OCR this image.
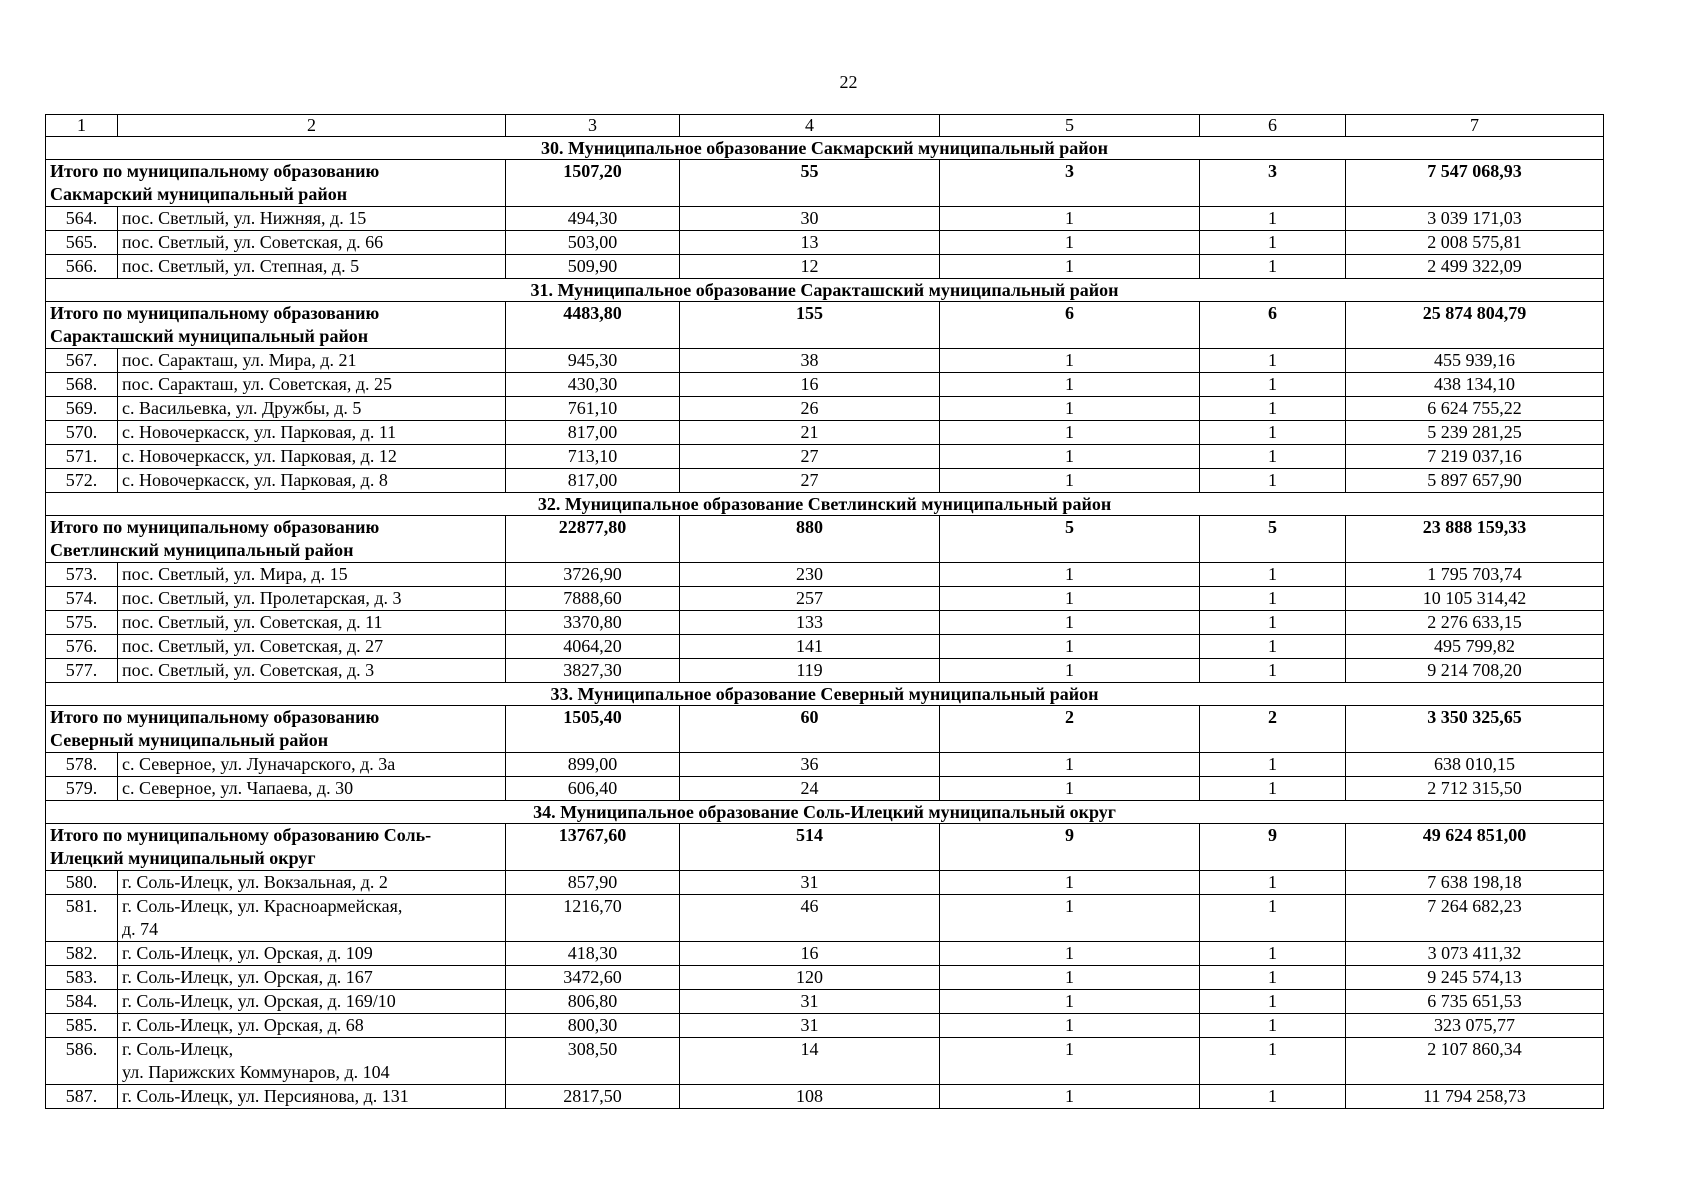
22
1	2	3	4	5	6	7
30. Муниципальное образование Сакмарский муниципальный район						

Итого по муниципальному образованию
Сакмарский муниципальный район		1507,20	55	3	3	7 547 068,93
564.	пос. Светлый, ул. Нижняя, д. 15	494,30	30	1	1	3 039 171,03
565.	пос. Светлый, ул. Советская, д. 66	503,00	13	1	1	2 008 575,81
566.	пос. Светлый, ул. Степная, д. 5	509,90	12	1	1	2 499 322,09
31. Муниципальное образование Саракташский муниципальный район						

Итого по муниципальному образованию
Саракташский муниципальный район		4483,80	155	6	6	25 874 804,79
567.	пос. Саракташ, ул. Мира, д. 21	945,30	38	1	1	455 939,16
568.	пос. Саракташ, ул. Советская, д. 25	430,30	16	1	1	438 134,10
569.	с. Васильевка, ул. Дружбы, д. 5	761,10	26	1	1	6 624 755,22
570.	с. Новочеркасск, ул. Парковая, д. 11	817,00	21	1	1	5 239 281,25
571.	с. Новочеркасск, ул. Парковая, д. 12	713,10	27	1	1	7 219 037,16
572.	с. Новочеркасск, ул. Парковая, д. 8	817,00	27	1	1	5 897 657,90
32. Муниципальное образование Светлинский муниципальный район						

Итого по муниципальному образованию
Светлинский муниципальный район		22877,80	880	5	5	23 888 159,33
573.	пос. Светлый, ул. Мира, д. 15	3726,90	230	1	1	1 795 703,74
574.	пос. Светлый, ул. Пролетарская, д. 3	7888,60	257	1	1	10 105 314,42
575.	пос. Светлый, ул. Советская, д. 11	3370,80	133	1	1	2 276 633,15
576.	пос. Светлый, ул. Советская, д. 27	4064,20	141	1	1	495 799,82
577.	пос. Светлый, ул. Советская, д. 3	3827,30	119	1	1	9 214 708,20
33. Муниципальное образование Северный муниципальный район						

Итого по муниципальному образованию
Северный муниципальный район		1505,40	60	2	2	3 350 325,65
578.	с. Северное, ул. Луначарского, д. 3а	899,00	36	1	1	638 010,15
579.	с. Северное, ул. Чапаева, д. 30	606,40	24	1	1	2 712 315,50
34. Муниципальное образование Соль-Илецкий муниципальный округ						

Итого по муниципальному образованию Соль-
Илецкий муниципальный округ		13767,60	514	9	9	49 624 851,00
580.	г. Соль-Илецк, ул. Вокзальная, д. 2	857,90	31	1	1	7 638 198,18
581.	г. Соль-Илецк, ул. Красноармейская,
д. 74	1216,70	46	1	1	7 264 682,23
582.	г. Соль-Илецк, ул. Орская, д. 109	418,30	16	1	1	3 073 411,32
583.	г. Соль-Илецк, ул. Орская, д. 167	3472,60	120	1	1	9 245 574,13
584.	г. Соль-Илецк, ул. Орская, д. 169/10	806,80	31	1	1	6 735 651,53
585.	г. Соль-Илецк, ул. Орская, д. 68	800,30	31	1	1	323 075,77
586.	г. Соль-Илецк,
ул. Парижских Коммунаров, д. 104	308,50	14	1	1	2 107 860,34
587.	г. Соль-Илецк, ул. Персиянова, д. 131	2817,50	108	1	1	11 794 258,73
